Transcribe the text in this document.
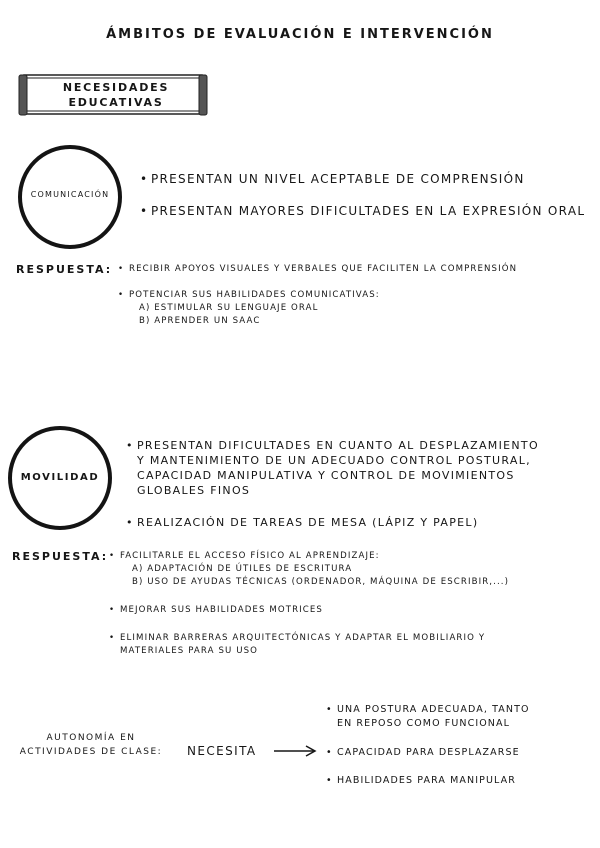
ÁMBITOS DE EVALUACIÓN E INTERVENCIÓN
NECESIDADES
EDUCATIVAS
COMUNICACIÓN
• PRESENTAN UN NIVEL ACEPTABLE DE COMPRENSIÓN
• PRESENTAN MAYORES DIFICULTADES EN LA EXPRESIÓN ORAL
RESPUESTA: • RECIBIR APOYOS VISUALES Y VERBALES QUE FACILITEN LA COMPRENSIÓN
• POTENCIAR SUS HABILIDADES COMUNICATIVAS:
A) ESTIMULAR SU LENGUAJE ORAL
B) APRENDER UN SAAC
MOVILIDAD
• PRESENTAN DIFICULTADES EN CUANTO AL DESPLAZAMIENTO
Y MANTENIMIENTO DE UN ADECUADO CONTROL POSTURAL,
CAPACIDAD MANIPULATIVA Y CONTROL DE MOVIMIENTOS
GLOBALES FINOS
• REALIZACIÓN DE TAREAS DE MESA (LÁPIZ Y PAPEL)
RESPUESTA: • FACILITARLE EL ACCESO FÍSICO AL APRENDIZAJE:
A) ADAPTACIÓN DE ÚTILES DE ESCRITURA
B) USO DE AYUDAS TÉCNICAS (ORDENADOR, MÁQUINA DE ESCRIBIR,...)
• MEJORAR SUS HABILIDADES MOTRICES
• ELIMINAR BARRERAS ARQUITECTÓNICAS Y ADAPTAR EL MOBILIARIO Y
MATERIALES PARA SU USO
AUTONOMÍA EN
ACTIVIDADES DE CLASE:	NECESITA
• UNA POSTURA ADECUADA, TANTO
EN REPOSO COMO FUNCIONAL
• CAPACIDAD PARA DESPLAZARSE
• HABILIDADES PARA MANIPULAR
